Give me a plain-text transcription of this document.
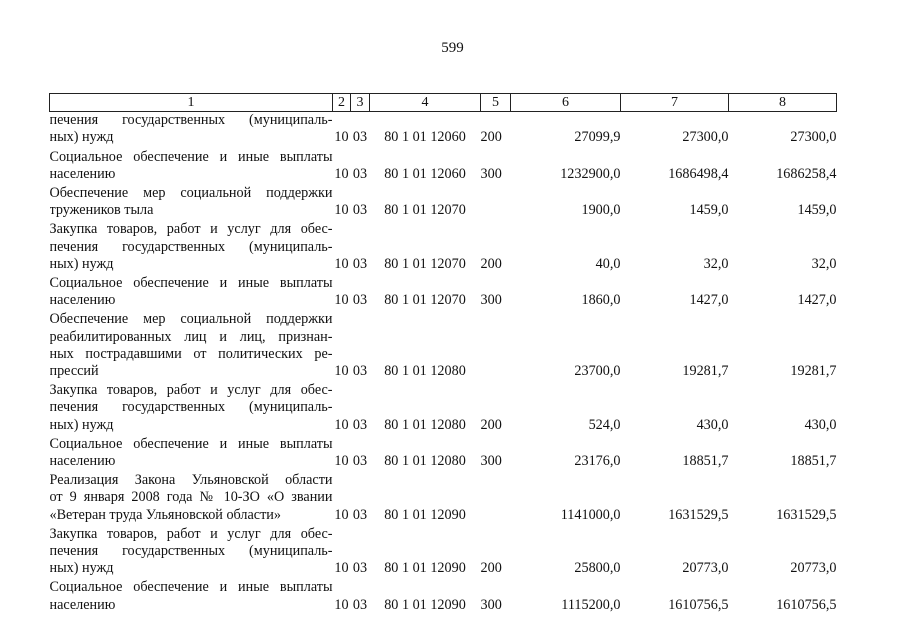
599
1	2	3	4	5	6	7	8

печения государственных (муниципаль-
ных) нужд	10	03	80 1 01 12060	200	27099,9	27300,0	27300,0

Социальное обеспечение и иные выплаты
населению	10	03	80 1 01 12060	300	1232900,0	1686498,4	1686258,4

Обеспечение мер социальной поддержки
тружеников тыла	10	03	80 1 01 12070		1900,0	1459,0	1459,0

Закупка товаров, работ и услуг для обес-
печения государственных (муниципаль-
ных) нужд	10	03	80 1 01 12070	200	40,0	32,0	32,0

Социальное обеспечение и иные выплаты
населению	10	03	80 1 01 12070	300	1860,0	1427,0	1427,0

Обеспечение мер социальной поддержки
реабилитированных лиц и лиц, признан-
ных пострадавшими от политических ре-
прессий	10	03	80 1 01 12080		23700,0	19281,7	19281,7

Закупка товаров, работ и услуг для обес-
печения государственных (муниципаль-
ных) нужд	10	03	80 1 01 12080	200	524,0	430,0	430,0

Социальное обеспечение и иные выплаты
населению	10	03	80 1 01 12080	300	23176,0	18851,7	18851,7

Реализация Закона Ульяновской области
от 9 января 2008 года № 10-ЗО «О звании
«Ветеран труда Ульяновской области»	10	03	80 1 01 12090		1141000,0	1631529,5	1631529,5

Закупка товаров, работ и услуг для обес-
печения государственных (муниципаль-
ных) нужд	10	03	80 1 01 12090	200	25800,0	20773,0	20773,0

Социальное обеспечение и иные выплаты
населению	10	03	80 1 01 12090	300	1115200,0	1610756,5	1610756,5
